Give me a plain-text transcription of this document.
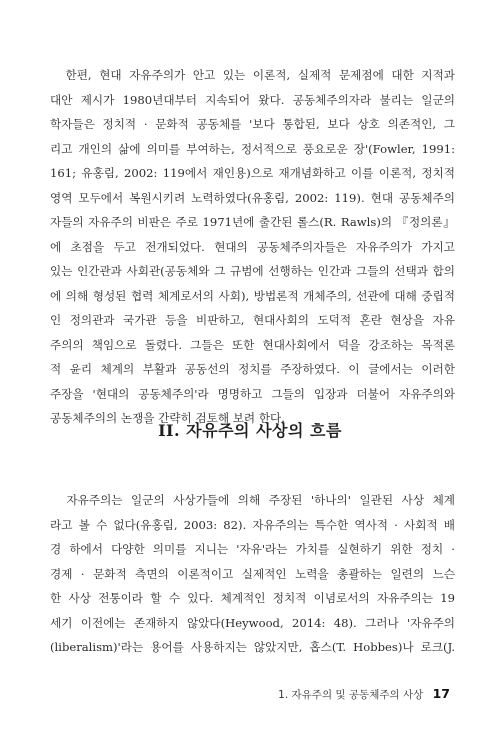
　한편, 현대 자유주의가 안고 있는 이론적, 실제적 문제점에 대한 지적과
대안 제시가 1980년대부터 지속되어 왔다. 공동체주의자라 불리는 일군의
학자들은 정치적 · 문화적 공동체를 '보다 통합된, 보다 상호 의존적인, 그
리고 개인의 삶에 의미를 부여하는, 정서적으로 풍요로운 장'(Fowler, 1991:
161; 유홍림, 2002: 119에서 재인용)으로 재개념화하고 이를 이론적, 정치적
영역 모두에서 복원시키려 노력하였다(유홍림, 2002: 119). 현대 공동체주의
자들의 자유주의 비판은 주로 1971년에 출간된 롤스(R. Rawls)의 『정의론』
에 초점을 두고 전개되었다. 현대의 공동체주의자들은 자유주의가 가지고
있는 인간관과 사회관(공동체와 그 규범에 선행하는 인간과 그들의 선택과 합의
에 의해 형성된 협력 체계로서의 사회), 방법론적 개체주의, 선관에 대해 중립적
인 정의관과 국가관 등을 비판하고, 현대사회의 도덕적 혼란 현상을 자유
주의의 책임으로 돌렸다. 그들은 또한 현대사회에서 덕을 강조하는 목적론
적 윤리 체계의 부활과 공동선의 정치를 주장하였다. 이 글에서는 이러한
주장을 '현대의 공동체주의'라 명명하고 그들의 입장과 더불어 자유주의와
공동체주의의 논쟁을 간략히 검토해 보려 한다.

II. 자유주의 사상의 흐름

　자유주의는 일군의 사상가들에 의해 주장된 '하나의' 일관된 사상 체계
라고 볼 수 없다(유홍림, 2003: 82). 자유주의는 특수한 역사적 · 사회적 배
경 하에서 다양한 의미를 지니는 '자유'라는 가치를 실현하기 위한 정치 ·
경제 · 문화적 측면의 이론적이고 실제적인 노력을 총괄하는 일련의 느슨
한 사상 전통이라 할 수 있다. 체계적인 정치적 이념로서의 자유주의는 19
세기 이전에는 존재하지 않았다(Heywood, 2014: 48). 그러나 '자유주의
(liberalism)'라는 용어를 사용하지는 않았지만, 홉스(T. Hobbes)나 로크(J.

1. 자유주의 및 공동체주의 사상 17
